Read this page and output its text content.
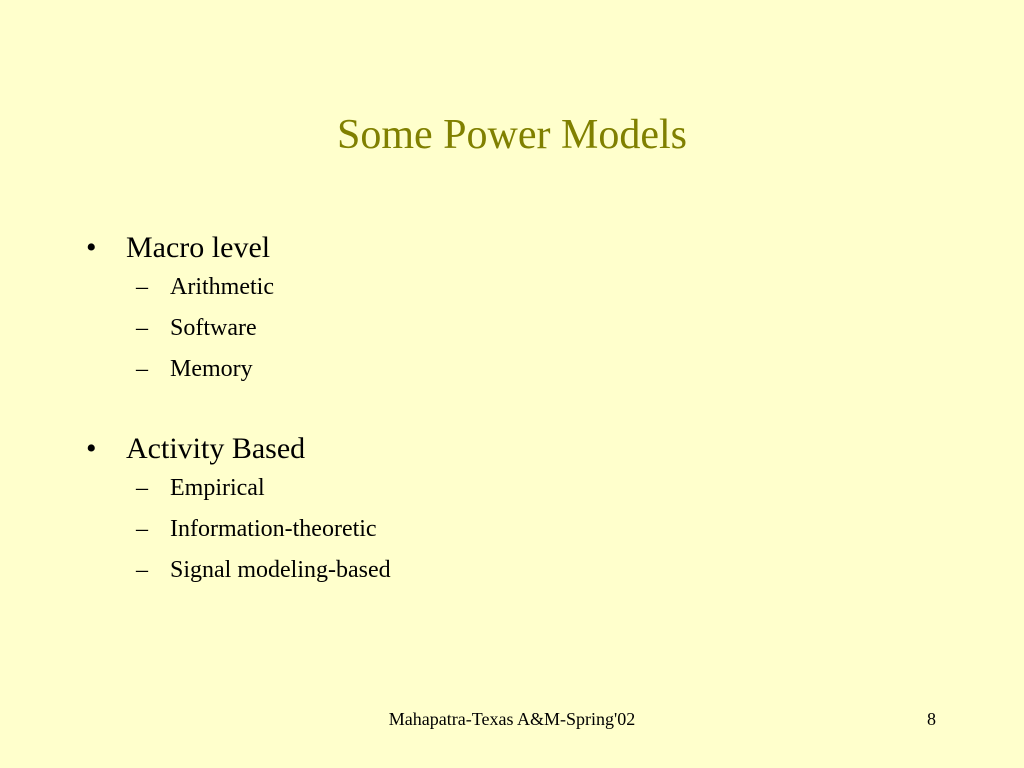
Some Power Models
• Macro level
– Arithmetic
– Software
– Memory
• Activity Based
– Empirical
– Information-theoretic
– Signal modeling-based
Mahapatra-Texas A&M-Spring'02	8
